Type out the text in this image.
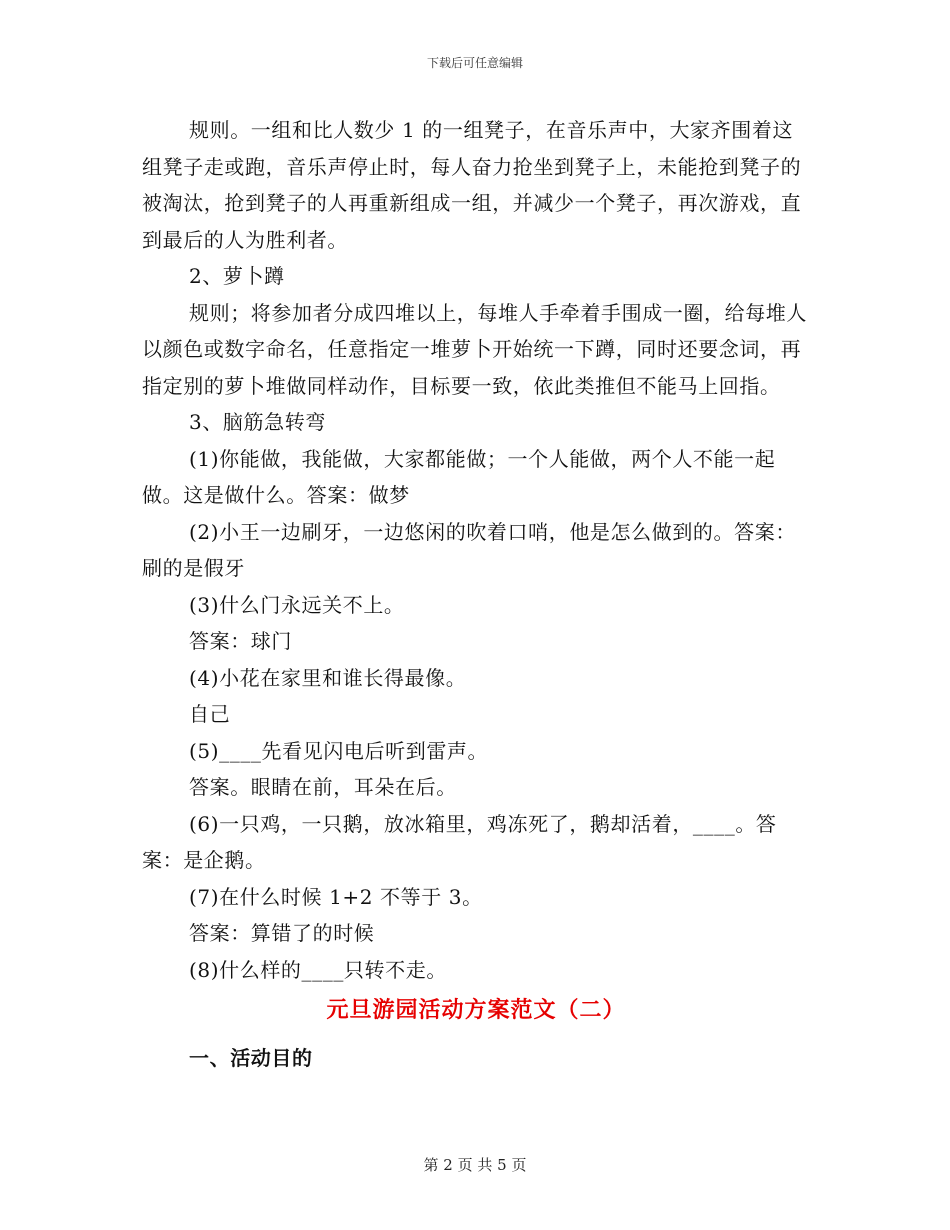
下载后可任意编辑

规则。一组和比人数少 1 的一组凳子，在音乐声中，大家齐围着这组凳子走或跑，音乐声停止时，每人奋力抢坐到凳子上，未能抢到凳子的被淘汰，抢到凳子的人再重新组成一组，并减少一个凳子，再次游戏，直到最后的人为胜利者。

2、萝卜蹲

规则；将参加者分成四堆以上，每堆人手牵着手围成一圈，给每堆人以颜色或数字命名，任意指定一堆萝卜开始统一下蹲，同时还要念词，再指定别的萝卜堆做同样动作，目标要一致，依此类推但不能马上回指。

3、脑筋急转弯

(1)你能做，我能做，大家都能做；一个人能做，两个人不能一起做。这是做什么。答案：做梦

(2)小王一边刷牙，一边悠闲的吹着口哨，他是怎么做到的。答案：刷的是假牙

(3)什么门永远关不上。

答案：球门

(4)小花在家里和谁长得最像。

自己

(5)____先看见闪电后听到雷声。

答案。眼睛在前，耳朵在后。

(6)一只鸡，一只鹅，放冰箱里，鸡冻死了，鹅却活着，____。答案：是企鹅。

(7)在什么时候 1+2 不等于 3。

答案：算错了的时候

(8)什么样的____只转不走。

元旦游园活动方案范文（二）

一、活动目的

第 2 页 共 5 页
